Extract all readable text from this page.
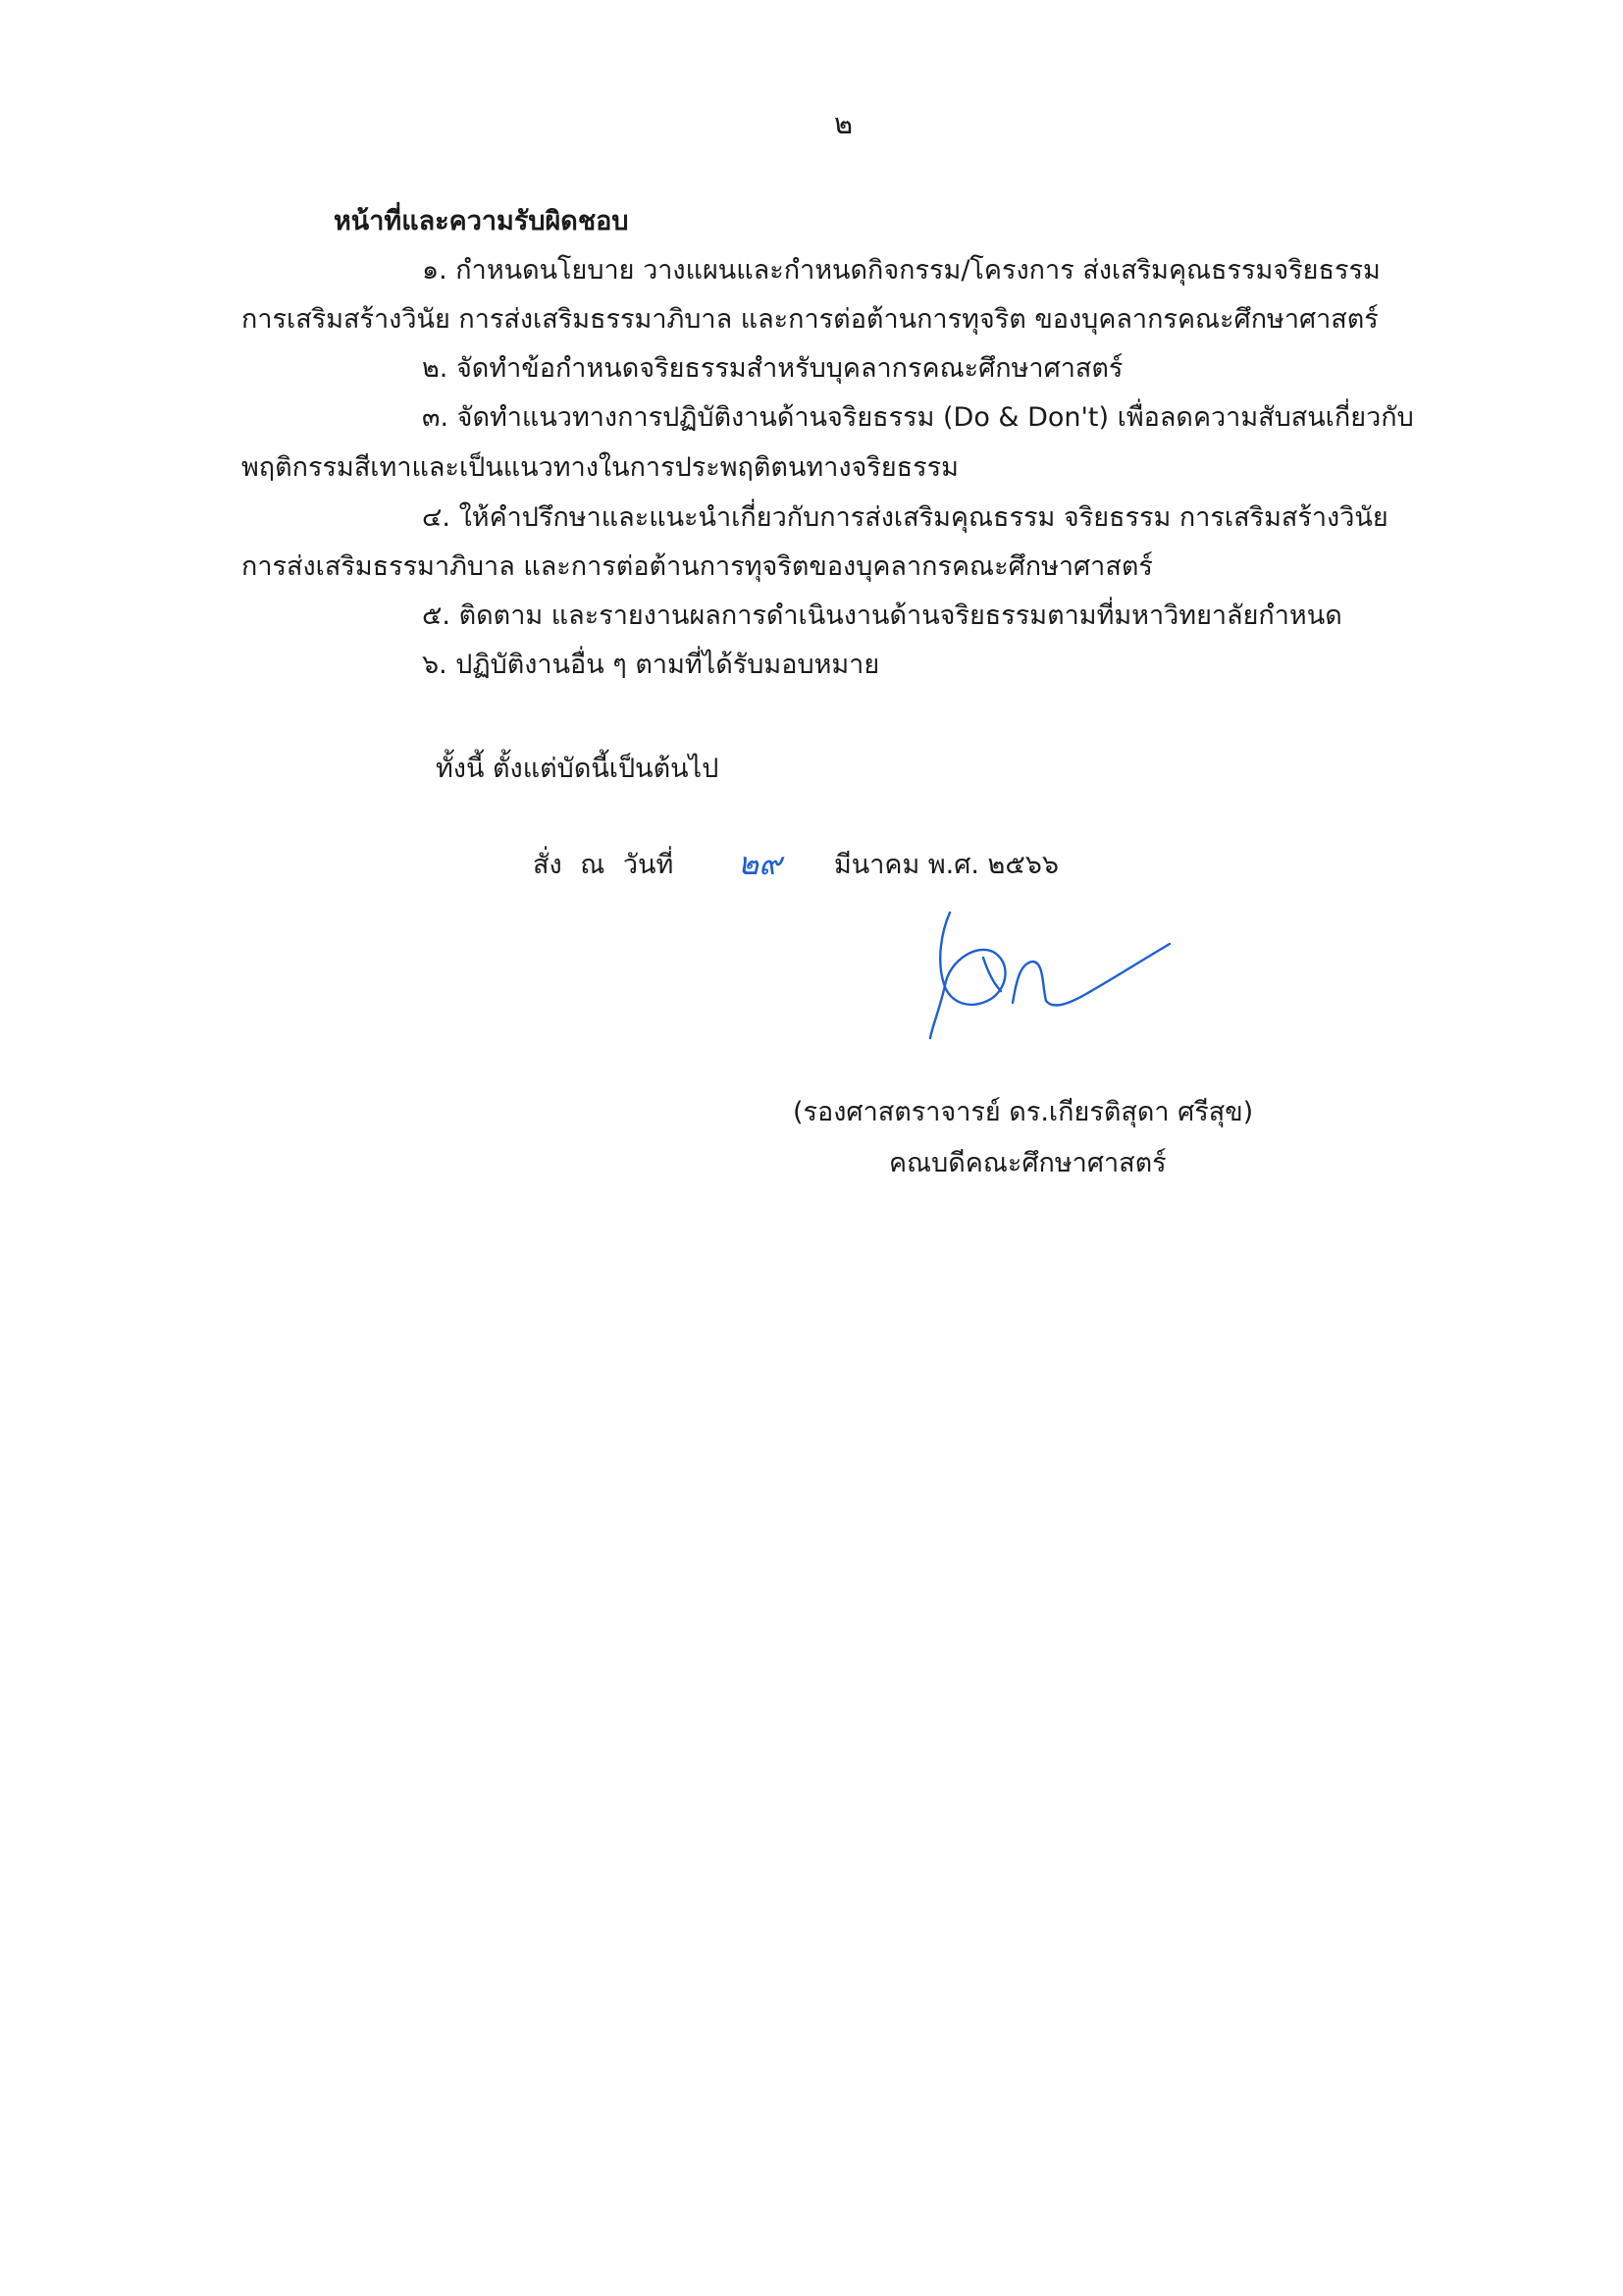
๒
หน้าที่และความรับผิดชอบ
๑. กำหนดนโยบาย วางแผนและกำหนดกิจกรรม/โครงการ ส่งเสริมคุณธรรมจริยธรรม
การเสริมสร้างวินัย การส่งเสริมธรรมาภิบาล และการต่อต้านการทุจริต ของบุคลากรคณะศึกษาศาสตร์
๒. จัดทำข้อกำหนดจริยธรรมสำหรับบุคลากรคณะศึกษาศาสตร์
๓. จัดทำแนวทางการปฏิบัติงานด้านจริยธรรม (Do & Don't) เพื่อลดความสับสนเกี่ยวกับ
พฤติกรรมสีเทาและเป็นแนวทางในการประพฤติตนทางจริยธรรม
๔. ให้คำปรึกษาและแนะนำเกี่ยวกับการส่งเสริมคุณธรรม จริยธรรม การเสริมสร้างวินัย
การส่งเสริมธรรมาภิบาล และการต่อต้านการทุจริตของบุคลากรคณะศึกษาศาสตร์
๕. ติดตาม และรายงานผลการดำเนินงานด้านจริยธรรมตามที่มหาวิทยาลัยกำหนด
๖. ปฏิบัติงานอื่น ๆ ตามที่ได้รับมอบหมาย
ทั้งนี้ ตั้งแต่บัดนี้เป็นต้นไป
สั่ง ณ วันที่ ๒๙ มีนาคม พ.ศ. ๒๕๖๖
(รองศาสตราจารย์ ดร.เกียรติสุดา ศรีสุข)
คณบดีคณะศึกษาศาสตร์
